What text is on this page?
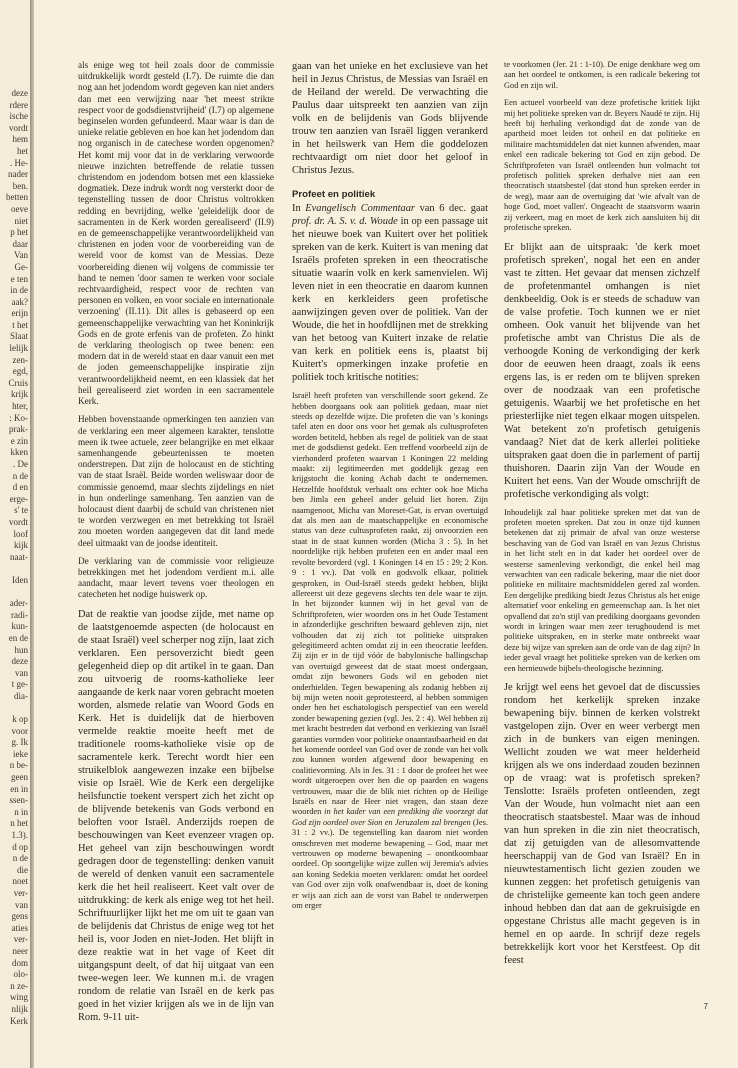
deze
rdere
ische
vordt
hem
het
. He-
nader
ben.
betten
oeve
niet
p het
daar
Van
Ge-
e ten
in de
aak?
erijn
t het
Slaat
lelijk
zen-
egd,
Cruis
krijk
hter,
: Ko-
prak-
e zin
kken
. De
n de
d en
erge-
s' te
vordt
loof
kijk
naat-

Iden

ader-
radi-
kun-
en de
hun
deze
van
t ge-
dia-

k op
voor
g. Ik
ieke
n be-
geen
en in
ssen-
n in
n het
1.3).
d op
n de
die
noet
ver-
van
gens
aties
ver-
neer
dom
olo-
n ze-
wing
nlijk
Kerk

als enige weg tot heil zoals door de commissie uitdrukkelijk wordt gesteld (I.7). De ruimte die dan nog aan het jodendom wordt gegeven kan niet anders dan met een verwijzing naar 'het meest strikte respect voor de godsdienstvrijheid' (I.7) op algemene beginselen worden gefundeerd. Maar waar is dan de unieke relatie gebleven en hoe kan het jodendom dan nog organisch in de catechese worden opgenomen? Het komt mij voor dat in de verklaring verwoorde nieuwe inzichten betreffende de relatie tussen christendom en jodendom botsen met een klassieke dogmatiek. Deze indruk wordt nog versterkt door de tegenstelling tussen de door Christus voltrokken redding en bevrijding, welke 'geleidelijk door de sacramenten in de Kerk worden gerealiseerd' (II.9) en de gemeenschappelijke verantwoordelijkheid van christenen en joden voor de voorbereiding van de wereld voor de komst van de Messias. Deze voorbereiding dienen wij volgens de commissie ter hand te nemen 'door samen te werken voor sociale rechtvaardigheid, respect voor de rechten van personen en volken, en voor sociale en internationale verzoening' (II.11). Dit alles is gebaseerd op een gemeenschappelijke verwachting van het Koninkrijk Gods en de grote erfenis van de profeten. Zo hinkt de verklaring theologisch op twee benen: een modern dat in de wereld staat en daar vanuit een met de joden gemeenschappelijke inspiratie zijn verantwoordelijkheid neemt, en een klassiek dat het heil gerealiseerd ziet worden in een sacramentele Kerk.

Hebben bovenstaande opmerkingen ten aanzien van de verklaring een meer algemeen karakter, tenslotte meen ik twee actuele, zeer belangrijke en met elkaar samenhangende gebeurtenissen te moeten onderstrepen. Dat zijn de holocaust en de stichting van de staat Israël. Beide worden weliswaar door de commissie genoemd, maar slechts zijdelings en niet in hun onderlinge samenhang. Ten aanzien van de holocaust dient daarbij de schuld van christenen niet te worden verzwegen en met betrekking tot Israël zou moeten worden aangegeven dat dit land mede deel uitmaakt van de joodse identiteit.

De verklaring van de commissie voor religieuze betrekkingen met het jodendom verdient m.i. alle aandacht, maar levert tevens voer theologen en catecheten het nodige huiswerk op.

Dat de reaktie van joodse zijde, met name op de laatstgenoemde aspecten (de holocaust en de staat Israël) veel scherper nog zijn, laat zich verklaren. Een persoverzicht biedt geen gelegenheid diep op dit artikel in te gaan. Dan zou uitvoerig de rooms-katholieke leer aangaande de kerk naar voren gebracht moeten worden, alsmede relatie van Woord Gods en Kerk. Het is duidelijk dat de hierboven vermelde reaktie moeite heeft met de traditionele rooms-katholieke visie op de sacramentele kerk. Terecht wordt hier een struikelblok aangewezen inzake een bijbelse visie op Israël. Wie de Kerk een dergelijke heilsfunctie toekent verspert zich het zicht op de blijvende betekenis van Gods verbond en beloften voor Israël. Anderzijds roepen de beschouwingen van Keet evenzeer vragen op. Het geheel van zijn beschouwingen wordt gedragen door de tegenstelling: denken vanuit de wereld of denken vanuit een sacramentele kerk die het heil realiseert. Keet valt over de uitdrukking: de kerk als enige weg tot het heil. Schriftuurlijker lijkt het me om uit te gaan van de belijdenis dat Christus de enige weg tot het heil is, voor Joden en niet-Joden. Het blijft in deze reaktie wat in het vage of Keet dit uitgangspunt deelt, of dat hij uitgaat van een twee-wegen leer. We kunnen m.i. de vragen rondom de relatie van Israël en de kerk pas goed in het vizier krijgen als we in de lijn van Rom. 9-11 uit-

gaan van het unieke en het exclusieve van het heil in Jezus Christus, de Messias van Israël en de Heiland der wereld. De verwachting die Paulus daar uitspreekt ten aanzien van zijn volk en de belijdenis van Gods blijvende trouw ten aanzien van Israël liggen verankerd in het heilswerk van Hem die goddelozen rechtvaardigt om niet door het geloof in Christus Jezus.

Profeet en politiek

In Evangelisch Commentaar van 6 dec. gaat prof. dr. A. S. v. d. Woude in op een passage uit het nieuwe boek van Kuitert over het politiek spreken van de kerk. Kuitert is van mening dat Israëls profeten spreken in een theocratische situatie waarin volk en kerk samenvielen. Wij leven niet in een theocratie en daarom kunnen kerk en kerkleiders geen profetische aanwijzingen geven over de politiek. Van der Woude, die het in hoofdlijnen met de strekking van het betoog van Kuitert inzake de relatie van kerk en politiek eens is, plaatst bij Kuitert's opmerkingen inzake profetie en politiek toch kritische notities:

Israël heeft profeten van verschillende soort gekend. Ze hebben doorgaans ook aan politiek gedaan, maar niet steeds op dezelfde wijze. Die profeten die van 's konings tafel aten en door ons voor het gemak als cultusprofeten worden betiteld, hebben als regel de politiek van de staat met de godsdienst gedekt. Een treffend voorbeeld zijn de vierhonderd profeten waarvan 1 Koningen 22 melding maakt: zij legitimeerden met goddelijk gezag een krijgstocht die koning Achab dacht te ondernemen. Hetzelfde hoofdstuk verhaalt ons echter ook hoe Micha ben Jimla een geheel ander geluid liet horen. Zijn naamgenoot, Micha van Moreset-Gat, is ervan overtuigd dat als men aan de maatschappelijke en economische status van deze cultusprofeten raakt, zij onvoorzien een staat in de staat kunnen worden (Micha 3 : 5). In het noordelijke rijk hebben profeten een en ander maal een revolte bevorderd (vgl. 1 Koningen 14 en 15 : 29; 2 Kon. 9 : 1 vv.). Dat volk en godsvolk elkaar, politiek gesproken, in Oud-Israël steeds gedekt hebben, blijkt allereerst uit deze gegevens slechts ten dele waar te zijn. In het bijzonder kunnen wij in het geval van de Schriftprofeten, wier woorden ons in het Oude Testament in afzonderlijke geschriften bewaard gebleven zijn, niet volhouden dat zij zich tot politieke uitspraken gelegitimeerd achten omdat zij in een theocratie leefden. Zij zijn er in de tijd vóór de babylonische ballingschap van overtuigd geweest dat de staat moest ondergaan, omdat zijn bewoners Gods wil en geboden niet onderhielden. Tegen bewapening als zodanig hebben zij bij mijn weten nooit geprotesteerd, al hebben sommigen onder hen het eschatologisch perspectief van een wereld zonder bewapening gezien (vgl. Jes. 2 : 4). Wel hebben zij met kracht bestreden dat verbond en verkiezing van Israël garanties vormden voor politieke onaantastbaarheid en dat het komende oordeel van God over de zonde van het volk zou kunnen worden afgewend door bewapening en coalitievorming. Als in Jes. 31 : 1 door de profeet het wee wordt uitgeroepen over hen die op paarden en wagens vertrouwen, maar die de blik niet richten op de Heilige Israëls en naar de Heer niet vragen, dan staan deze woorden in het kader van een prediking die voorzegt dat God zijn oordeel over Sion en Jeruzalem zal brengen (Jes. 31 : 2 vv.). De tegenstelling kan daarom niet worden omschreven met moderne bewapening – God, maar met vertrouwen op moderne bewapening – onontkoombaar oordeel. Op soortgelijke wijze zullen wij Jeremia's advies aan koning Sedekia moeten verklaren: omdat het oordeel van God over zijn volk onafwendbaar is, doet de koning er wijs aan zich aan de vorst van Babel te onderwerpen om erger

te voorkomen (Jer. 21 : 1-10). De enige denkbare weg om aan het oordeel te ontkomen, is een radicale bekering tot God en zijn wil.

Een actueel voorbeeld van deze profetische kritiek lijkt mij het politieke spreken van dr. Beyers Naudé te zijn. Hij heeft bij herhaling verkondigd dat de zonde van de apartheid moet leiden tot onheil en dat politieke en militaire machtsmiddelen dat niet kunnen afwenden, maar enkel een radicale bekering tot God en zijn gebod. De Schriftprofeten van Israël ontleenden hun volmacht tot profetisch politiek spreken derhalve niet aan een theocratisch staatsbestel (dat stond hun spreken eerder in de weg), maar aan de overtuiging dat 'wie afvalt van de hoge God, moet vallen'. Ongeacht de staatsvorm waarin zij verkeert, mag en moet de kerk zich aansluiten bij dit profetische spreken.

Er blijkt aan de uitspraak: 'de kerk moet profetisch spreken', nogal het een en ander vast te zitten. Het gevaar dat mensen zichzelf de profetenmantel omhangen is niet denkbeeldig. Ook is er steeds de schaduw van de valse profetie. Toch kunnen we er niet omheen. Ook vanuit het blijvende van het profetische ambt van Christus Die als de verhoogde Koning de verkondiging der kerk door de eeuwen heen draagt, zoals ik eens ergens las, is er reden om te blijven spreken over de noodzaak van een profetische getuigenis. Waarbij we het profetische en het priesterlijke niet tegen elkaar mogen uitspelen. Wat betekent zo'n profetisch getuigenis vandaag? Niet dat de kerk allerlei politieke uitspraken gaat doen die in parlement of partij thuishoren. Daarin zijn Van der Woude en Kuitert het eens. Van der Woude omschrijft de profetische verkondiging als volgt:

Inhoudelijk zal haar politieke spreken met dat van de profeten moeten spreken. Dat zou in onze tijd kunnen betekenen dat zij primair de afval van onze westerse beschaving van de God van Israël en van Jezus Christus in het licht stelt en in dat kader het oordeel over de westerse samenleving verkondigt, die enkel heil mag verwachten van een radicale bekering, maar die niet door politieke en militaire machtsmiddelen gered zal worden. Een dergelijke prediking biedt Jezus Christus als het enige alternatief voor enkeling en gemeenschap aan. Is het niet opvallend dat zo'n stijl van prediking doorgaans gevonden wordt in kringen waar men zeer terughoudend is met politieke uitspraken, en in sterke mate ontbreekt waar deze bij wijze van spreken aan de orde van de dag zijn? In ieder geval vraagt het politieke spreken van de kerken om een hernieuwde bijbels-theologische bezinning.

Je krijgt wel eens het gevoel dat de discussies rondom het kerkelijk spreken inzake bewapening bijv. binnen de kerken volstrekt vastgelopen zijn. Over en weer verbergt men zich in de bunkers van eigen meningen. Wellicht zouden we wat meer helderheid krijgen als we ons inderdaad zouden bezinnen op de vraag: wat is profetisch spreken? Tenslotte: Israëls profeten ontleenden, zegt Van der Woude, hun volmacht niet aan een theocratisch staatsbestel. Maar was de inhoud van hun spreken in die zin niet theocratisch, dat zij getuigden van de allesomvattende heerschappij van de God van Israël? En in nieuwtestamentisch licht gezien zouden we kunnen zeggen: het profetisch getuigenis van de christelijke gemeente kan toch geen andere inhoud hebben dan dat aan de gekruisigde en opgestane Christus alle macht gegeven is in hemel en op aarde. In schrijf deze regels betrekkelijk kort voor het Kerstfeest. Op dit feest

7
